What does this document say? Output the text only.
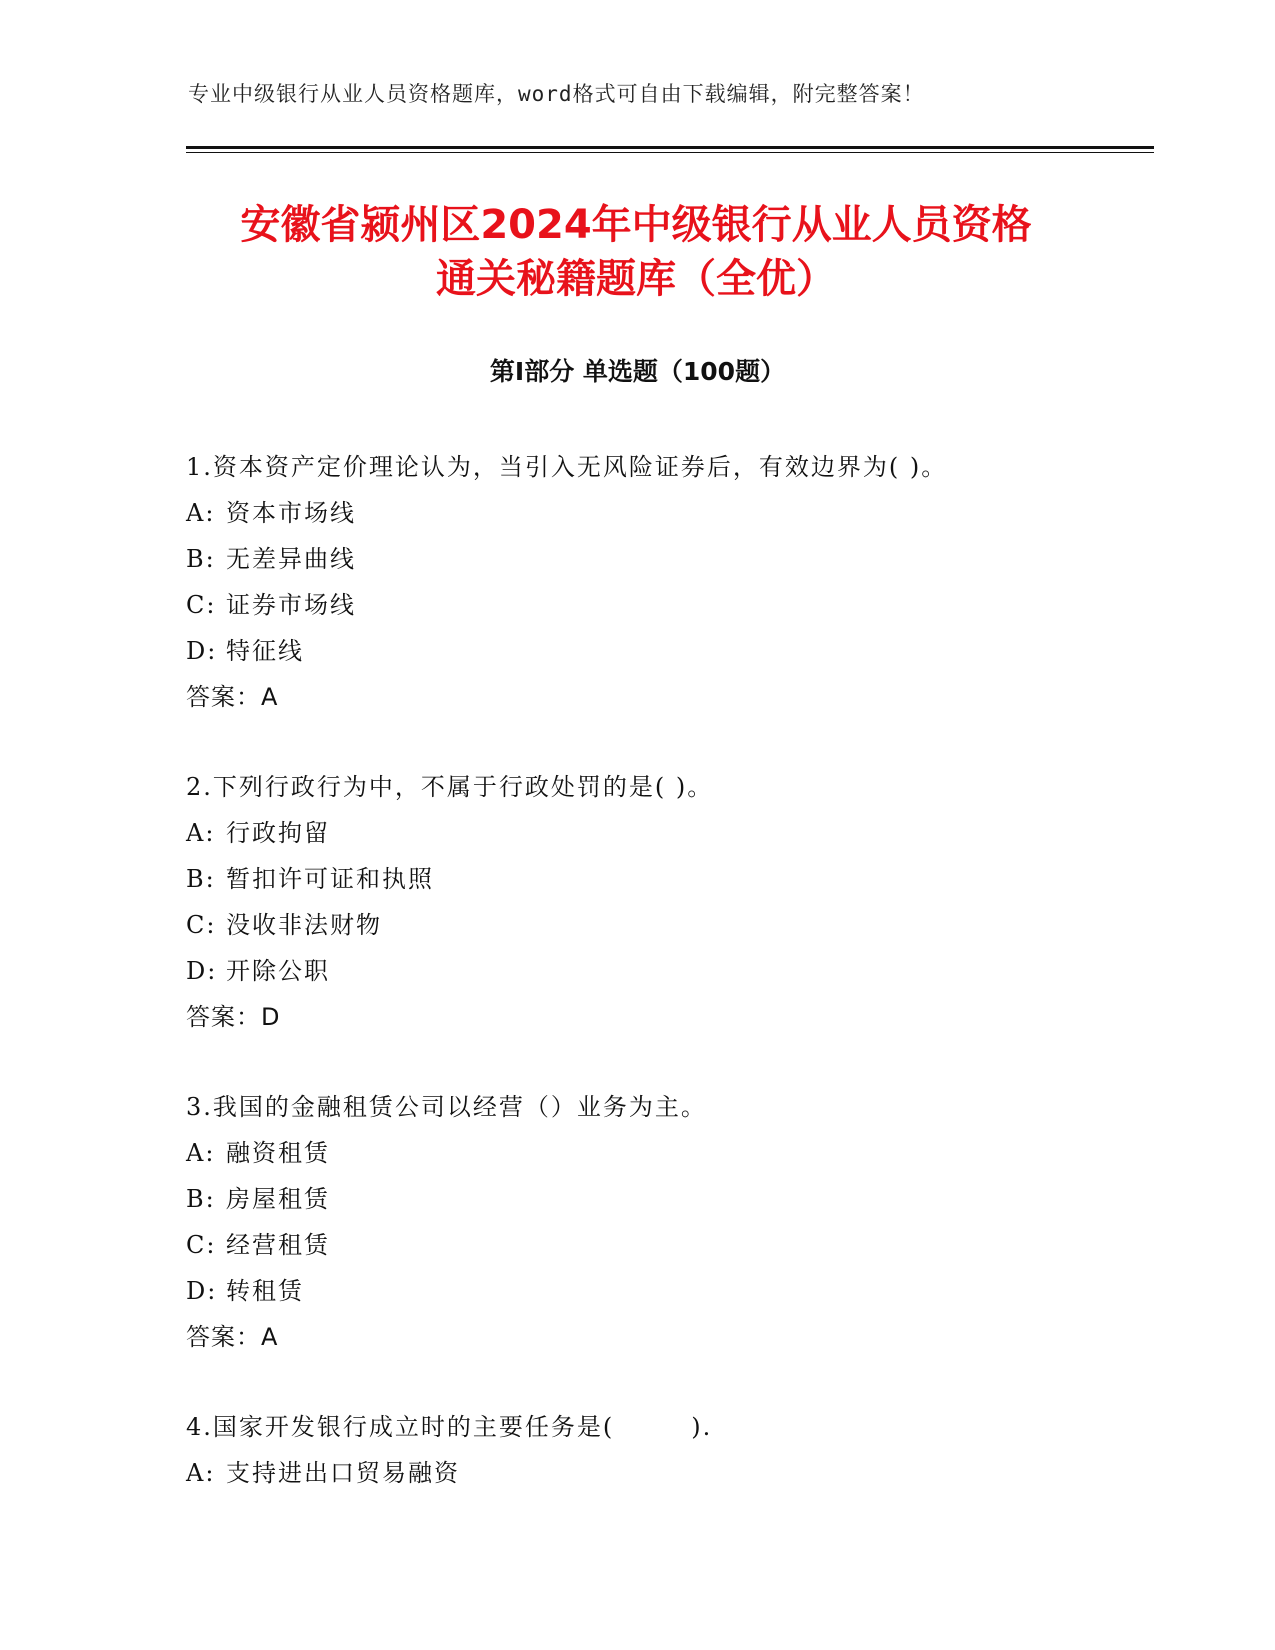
专业中级银行从业人员资格题库，word格式可自由下载编辑，附完整答案！
安徽省颍州区2024年中级银行从业人员资格
通关秘籍题库（全优）
第Ⅰ部分 单选题（100题）
1.资本资产定价理论认为，当引入无风险证券后，有效边界为( )。
A: 资本市场线
B: 无差异曲线
C: 证券市场线
D: 特征线
答案：A
2.下列行政行为中，不属于行政处罚的是( )。
A: 行政拘留
B: 暂扣许可证和执照
C: 没收非法财物
D: 开除公职
答案：D
3.我国的金融租赁公司以经营（）业务为主。
A: 融资租赁
B: 房屋租赁
C: 经营租赁
D: 转租赁
答案：A
4.国家开发银行成立时的主要任务是(        ).
A: 支持进出口贸易融资
